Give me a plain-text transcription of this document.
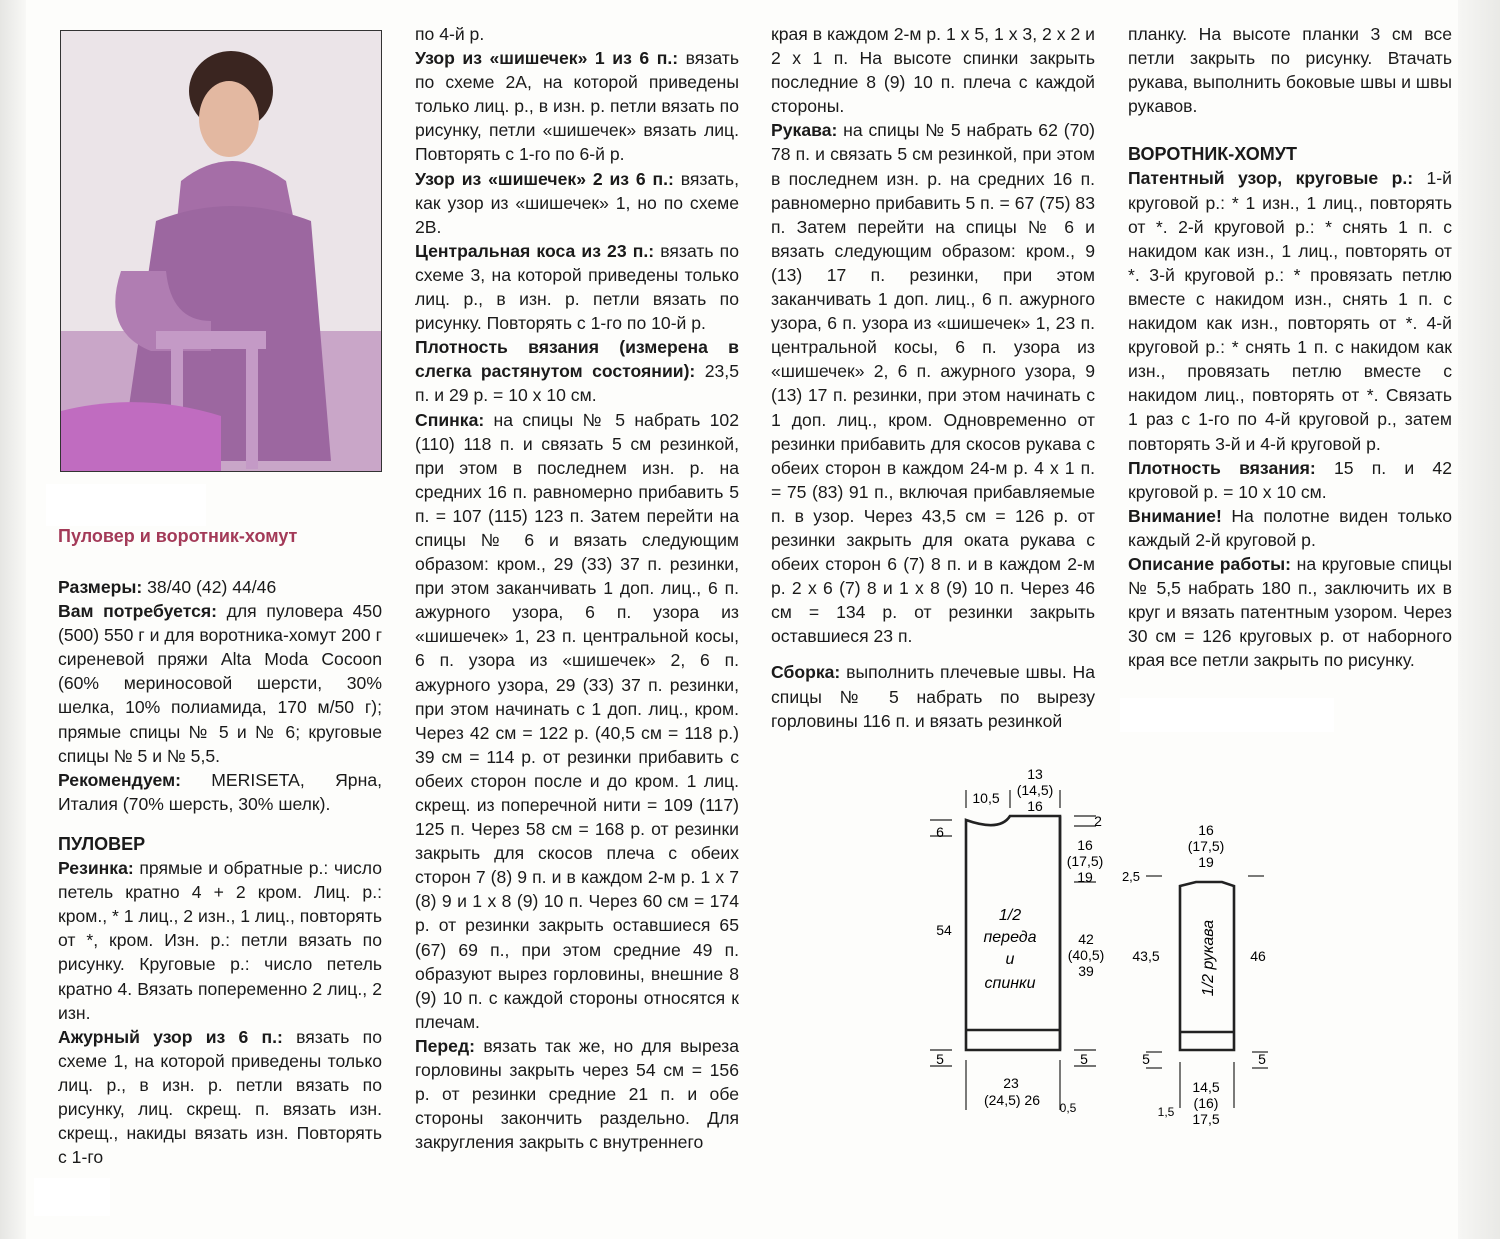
Пуловер и воротник-хомут

Размеры: 38/40 (42) 44/46

Вам потребуется: для пуловера 450 (500) 550 г и для воротника-хомут 200 г сиреневой пряжи Alta Moda Cocoon (60% мериносовой шерсти, 30% шелка, 10% полиамида, 170 м/50 г); прямые спицы № 5 и № 6; круговые спицы № 5 и № 5,5.

Рекомендуем: MERISETA, Ярна, Италия (70% шерсть, 30% шелк).

ПУЛОВЕР

Резинка: прямые и обратные р.: число петель кратно 4 + 2 кром. Лиц. р.: кром., * 1 лиц., 2 изн., 1 лиц., повторять от *, кром. Изн. р.: петли вязать по рисунку. Круговые р.: число петель кратно 4. Вязать попеременно 2 лиц., 2 изн.

Ажурный узор из 6 п.: вязать по схеме 1, на которой приведены только лиц. р., в изн. р. петли вязать по рисунку, лиц. скрещ. п. вязать изн. скрещ., накиды вязать изн. Повторять с 1-го

по 4-й р.

Узор из «шишечек» 1 из 6 п.: вязать по схеме 2А, на которой приведены только лиц. р., в изн. р. петли вязать по рисунку, петли «шишечек» вязать лиц. Повторять с 1-го по 6-й р.

Узор из «шишечек» 2 из 6 п.: вязать, как узор из «шишечек» 1, но по схеме 2В.

Центральная коса из 23 п.: вязать по схеме 3, на которой приведены только лиц. р., в изн. р. петли вязать по рисунку. Повторять с 1-го по 10-й р.

Плотность вязания (измерена в слегка растянутом состоянии): 23,5 п. и 29 р. = 10 х 10 см.

Спинка: на спицы № 5 набрать 102 (110) 118 п. и связать 5 см резинкой, при этом в последнем изн. р. на средних 16 п. равномерно прибавить 5 п. = 107 (115) 123 п. Затем перейти на спицы № 6 и вязать следующим образом: кром., 29 (33) 37 п. резинки, при этом заканчивать 1 доп. лиц., 6 п. ажурного узора, 6 п. узора из «шишечек» 1, 23 п. центральной косы, 6 п. узора из «шишечек» 2, 6 п. ажурного узора, 29 (33) 37 п. резинки, при этом начинать с 1 доп. лиц., кром. Через 42 см = 122 р. (40,5 см = 118 р.) 39 см = 114 р. от резинки прибавить с обеих сторон после и до кром. 1 лиц. скрещ. из поперечной нити = 109 (117) 125 п. Через 58 см = 168 р. от резинки закрыть для скосов плеча с обеих сторон 7 (8) 9 п. и в каждом 2-м р. 1 х 7 (8) 9 и 1 х 8 (9) 10 п. Через 60 см = 174 р. от резинки закрыть оставшиеся 65 (67) 69 п., при этом средние 49 п. образуют вырез горловины, внешние 8 (9) 10 п. с каждой стороны относятся к плечам.

Перед: вязать так же, но для выреза горловины закрыть через 54 см = 156 р. от резинки средние 21 п. и обе стороны закончить раздельно. Для закругления закрыть с внутреннего

края в каждом 2-м р. 1 х 5, 1 х 3, 2 х 2 и 2 х 1 п. На высоте спинки закрыть последние 8 (9) 10 п. плеча с каждой стороны.

Рукава: на спицы № 5 набрать 62 (70) 78 п. и связать 5 см резинкой, при этом в последнем изн. р. на средних 16 п. равномерно прибавить 5 п. = 67 (75) 83 п. Затем перейти на спицы № 6 и вязать следующим образом: кром., 9 (13) 17 п. резинки, при этом заканчивать 1 доп. лиц., 6 п. ажурного узора, 6 п. узора из «шишечек» 1, 23 п. центральной косы, 6 п. узора из «шишечек» 2, 6 п. ажурного узора, 9 (13) 17 п. резинки, при этом начинать с 1 доп. лиц., кром. Одновременно от резинки прибавить для скосов рукава с обеих сторон в каждом 24-м р. 4 х 1 п. = 75 (83) 91 п., включая прибавляемые п. в узор. Через 43,5 см = 126 р. от резинки закрыть для оката рукава с обеих сторон 6 (7) 8 п. и в каждом 2-м р. 2 х 6 (7) 8 и 1 х 8 (9) 10 п. Через 46 см = 134 р. от резинки закрыть оставшиеся 23 п.

Сборка: выполнить плечевые швы. На спицы № 5 набрать по вырезу горловины 116 п. и вязать резинкой

планку. На высоте планки 3 см все петли закрыть по рисунку. Втачать рукава, выполнить боковые швы и швы рукавов.

ВОРОТНИК-ХОМУТ

Патентный узор, круговые р.: 1-й круговой р.: * 1 изн., 1 лиц., повторять от *. 2-й круговой р.: * снять 1 п. с накидом как изн., 1 лиц., повторять от *. 3-й круговой р.: * провязать петлю вместе с накидом изн., снять 1 п. с накидом как изн., повторять от *. 4-й круговой р.: * снять 1 п. с накидом как изн., провязать петлю вместе с накидом лиц., повторять от *. Связать 1 раз с 1-го по 4-й круговой р., затем повторять 3-й и 4-й круговой р.

Плотность вязания: 15 п. и 42 круговой р. = 10 х 10 см.

Внимание! На полотне виден только каждый 2-й круговой р.

Описание работы: на круговые спицы № 5,5 набрать 180 п., заключить их в круг и вязать патентным узором. Через 30 см = 126 круговых р. от наборного края все петли закрыть по рисунку.

13
(14,5)
16
10,5
6
2
16
(17,5)
19
54
42
(40,5)
39
1/2
переда
и
спинки
5	5
23
(24,5) 26 0,5
16
(17,5)
19
2,5
43,5	46
1/2 рукава
5	5
14,5
(16)
17,5
1,5
